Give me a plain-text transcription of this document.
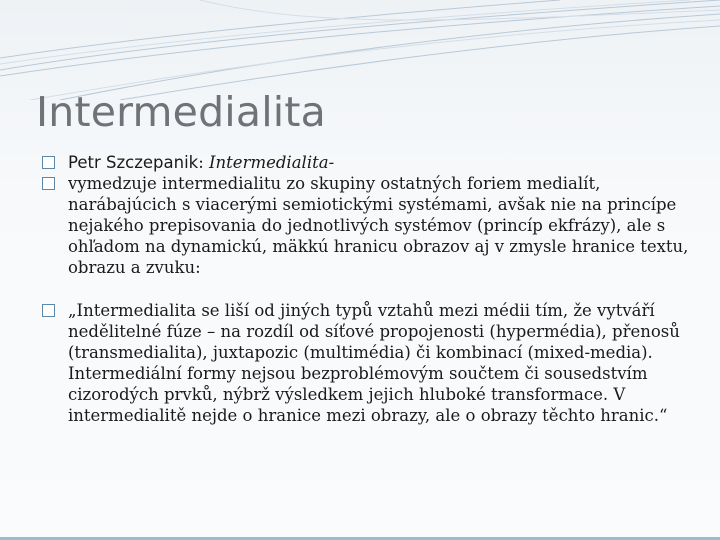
Intermedialita
Petr Szczepanik: Intermedialita-
vymedzuje intermedialitu zo skupiny ostatných foriem medialít, narábajúcich s viacerými semiotickými systémami, avšak nie na princípe nejakého prepisovania do jednotlivých systémov (princíp ekfrázy), ale s ohľadom na dynamickú, mäkkú hranicu obrazov aj v zmysle hranice textu, obrazu a zvuku:
„Intermedialita se liší od jiných typů vztahů mezi médii tím, že vytváří nedělitelné fúze – na rozdíl od síťové propojenosti (hypermédia), přenosů (transmedialita), juxtapozic (multimédia) či kombinací (mixed-media). Intermediální formy nejsou bezproblémovým součtem či sousedstvím cizorodých prvků, nýbrž výsledkem jejich hluboké transformace. V intermedialitě nejde o hranice mezi obrazy, ale o obrazy těchto hranic.“
